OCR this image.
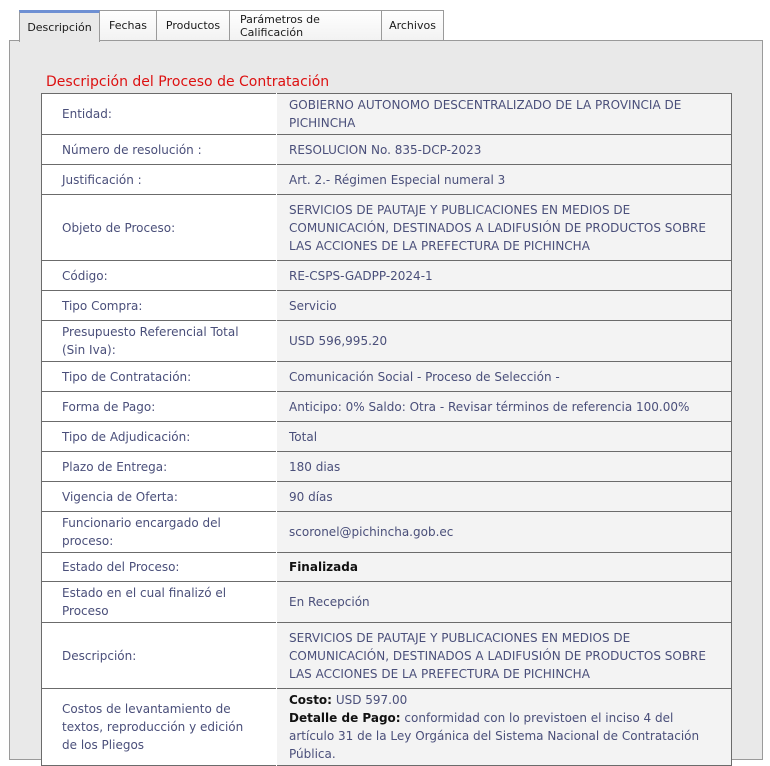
Descripción	Fechas	Productos	Parámetros de Calificación	Archivos
Descripción del Proceso de Contratación
Entidad:	GOBIERNO AUTONOMO DESCENTRALIZADO DE LA PROVINCIA DE PICHINCHA
Número de resolución :	RESOLUCION No. 835-DCP-2023
Justificación :	Art. 2.- Régimen Especial numeral 3
Objeto de Proceso:	SERVICIOS DE PAUTAJE Y PUBLICACIONES EN MEDIOS DE COMUNICACIÓN, DESTINADOS A LADIFUSIÓN DE PRODUCTOS SOBRE LAS ACCIONES DE LA PREFECTURA DE PICHINCHA
Código:	RE-CSPS-GADPP-2024-1
Tipo Compra:	Servicio
Presupuesto Referencial Total (Sin Iva):	USD 596,995.20
Tipo de Contratación:	Comunicación Social - Proceso de Selección -
Forma de Pago:	Anticipo: 0% Saldo: Otra - Revisar términos de referencia 100.00%
Tipo de Adjudicación:	Total
Plazo de Entrega:	180 dias
Vigencia de Oferta:	90 días
Funcionario encargado del proceso:	scoronel@pichincha.gob.ec
Estado del Proceso:	Finalizada
Estado en el cual finalizó el Proceso	En Recepción
Descripción:	SERVICIOS DE PAUTAJE Y PUBLICACIONES EN MEDIOS DE COMUNICACIÓN, DESTINADOS A LADIFUSIÓN DE PRODUCTOS SOBRE LAS ACCIONES DE LA PREFECTURA DE PICHINCHA
Costos de levantamiento de textos, reproducción y edición de los Pliegos	Costo: USD 597.00
Detalle de Pago: conformidad con lo previstoen el inciso 4 del artículo 31 de la Ley Orgánica del Sistema Nacional de Contratación Pública.
